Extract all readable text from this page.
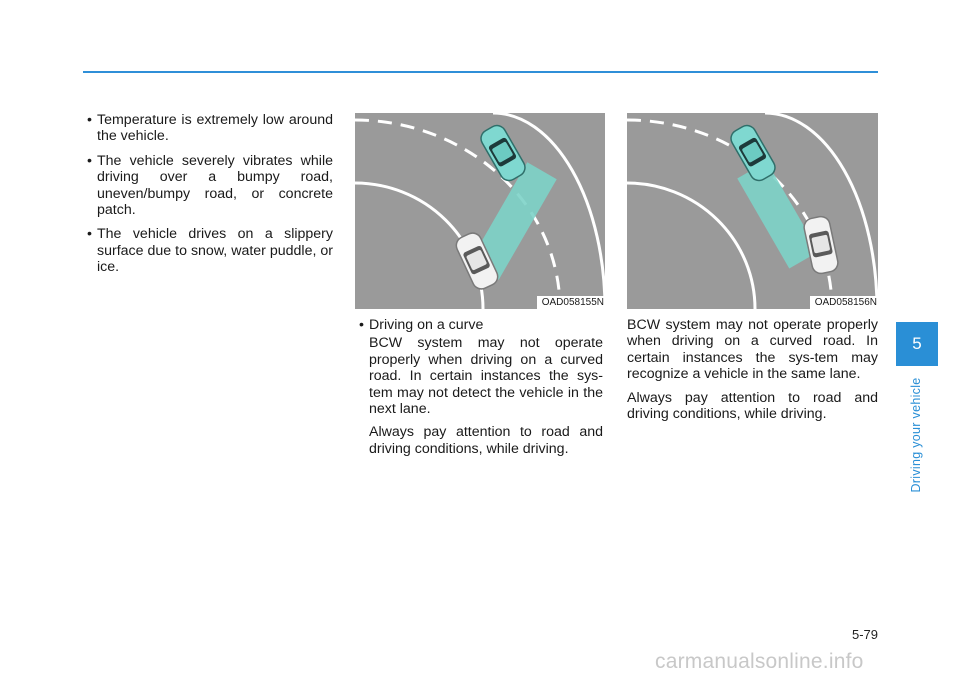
• Temperature is extremely low around the vehicle.
• The vehicle severely vibrates while driving over a bumpy road, uneven/bumpy road, or concrete patch.
• The vehicle drives on a slippery surface due to snow, water puddle, or ice.
OAD058155N	OAD058156N
• Driving on a curve

BCW system may not operate properly when driving on a curved road. In certain instances the sys-tem may not detect the vehicle in the next lane.

Always pay attention to road and driving conditions, while driving.

BCW system may not operate properly when driving on a curved road. In certain instances the sys-tem may recognize a vehicle in the same lane.

Always pay attention to road and driving conditions, while driving.

5
Driving your vehicle
5-79
carmanualsonline.info
